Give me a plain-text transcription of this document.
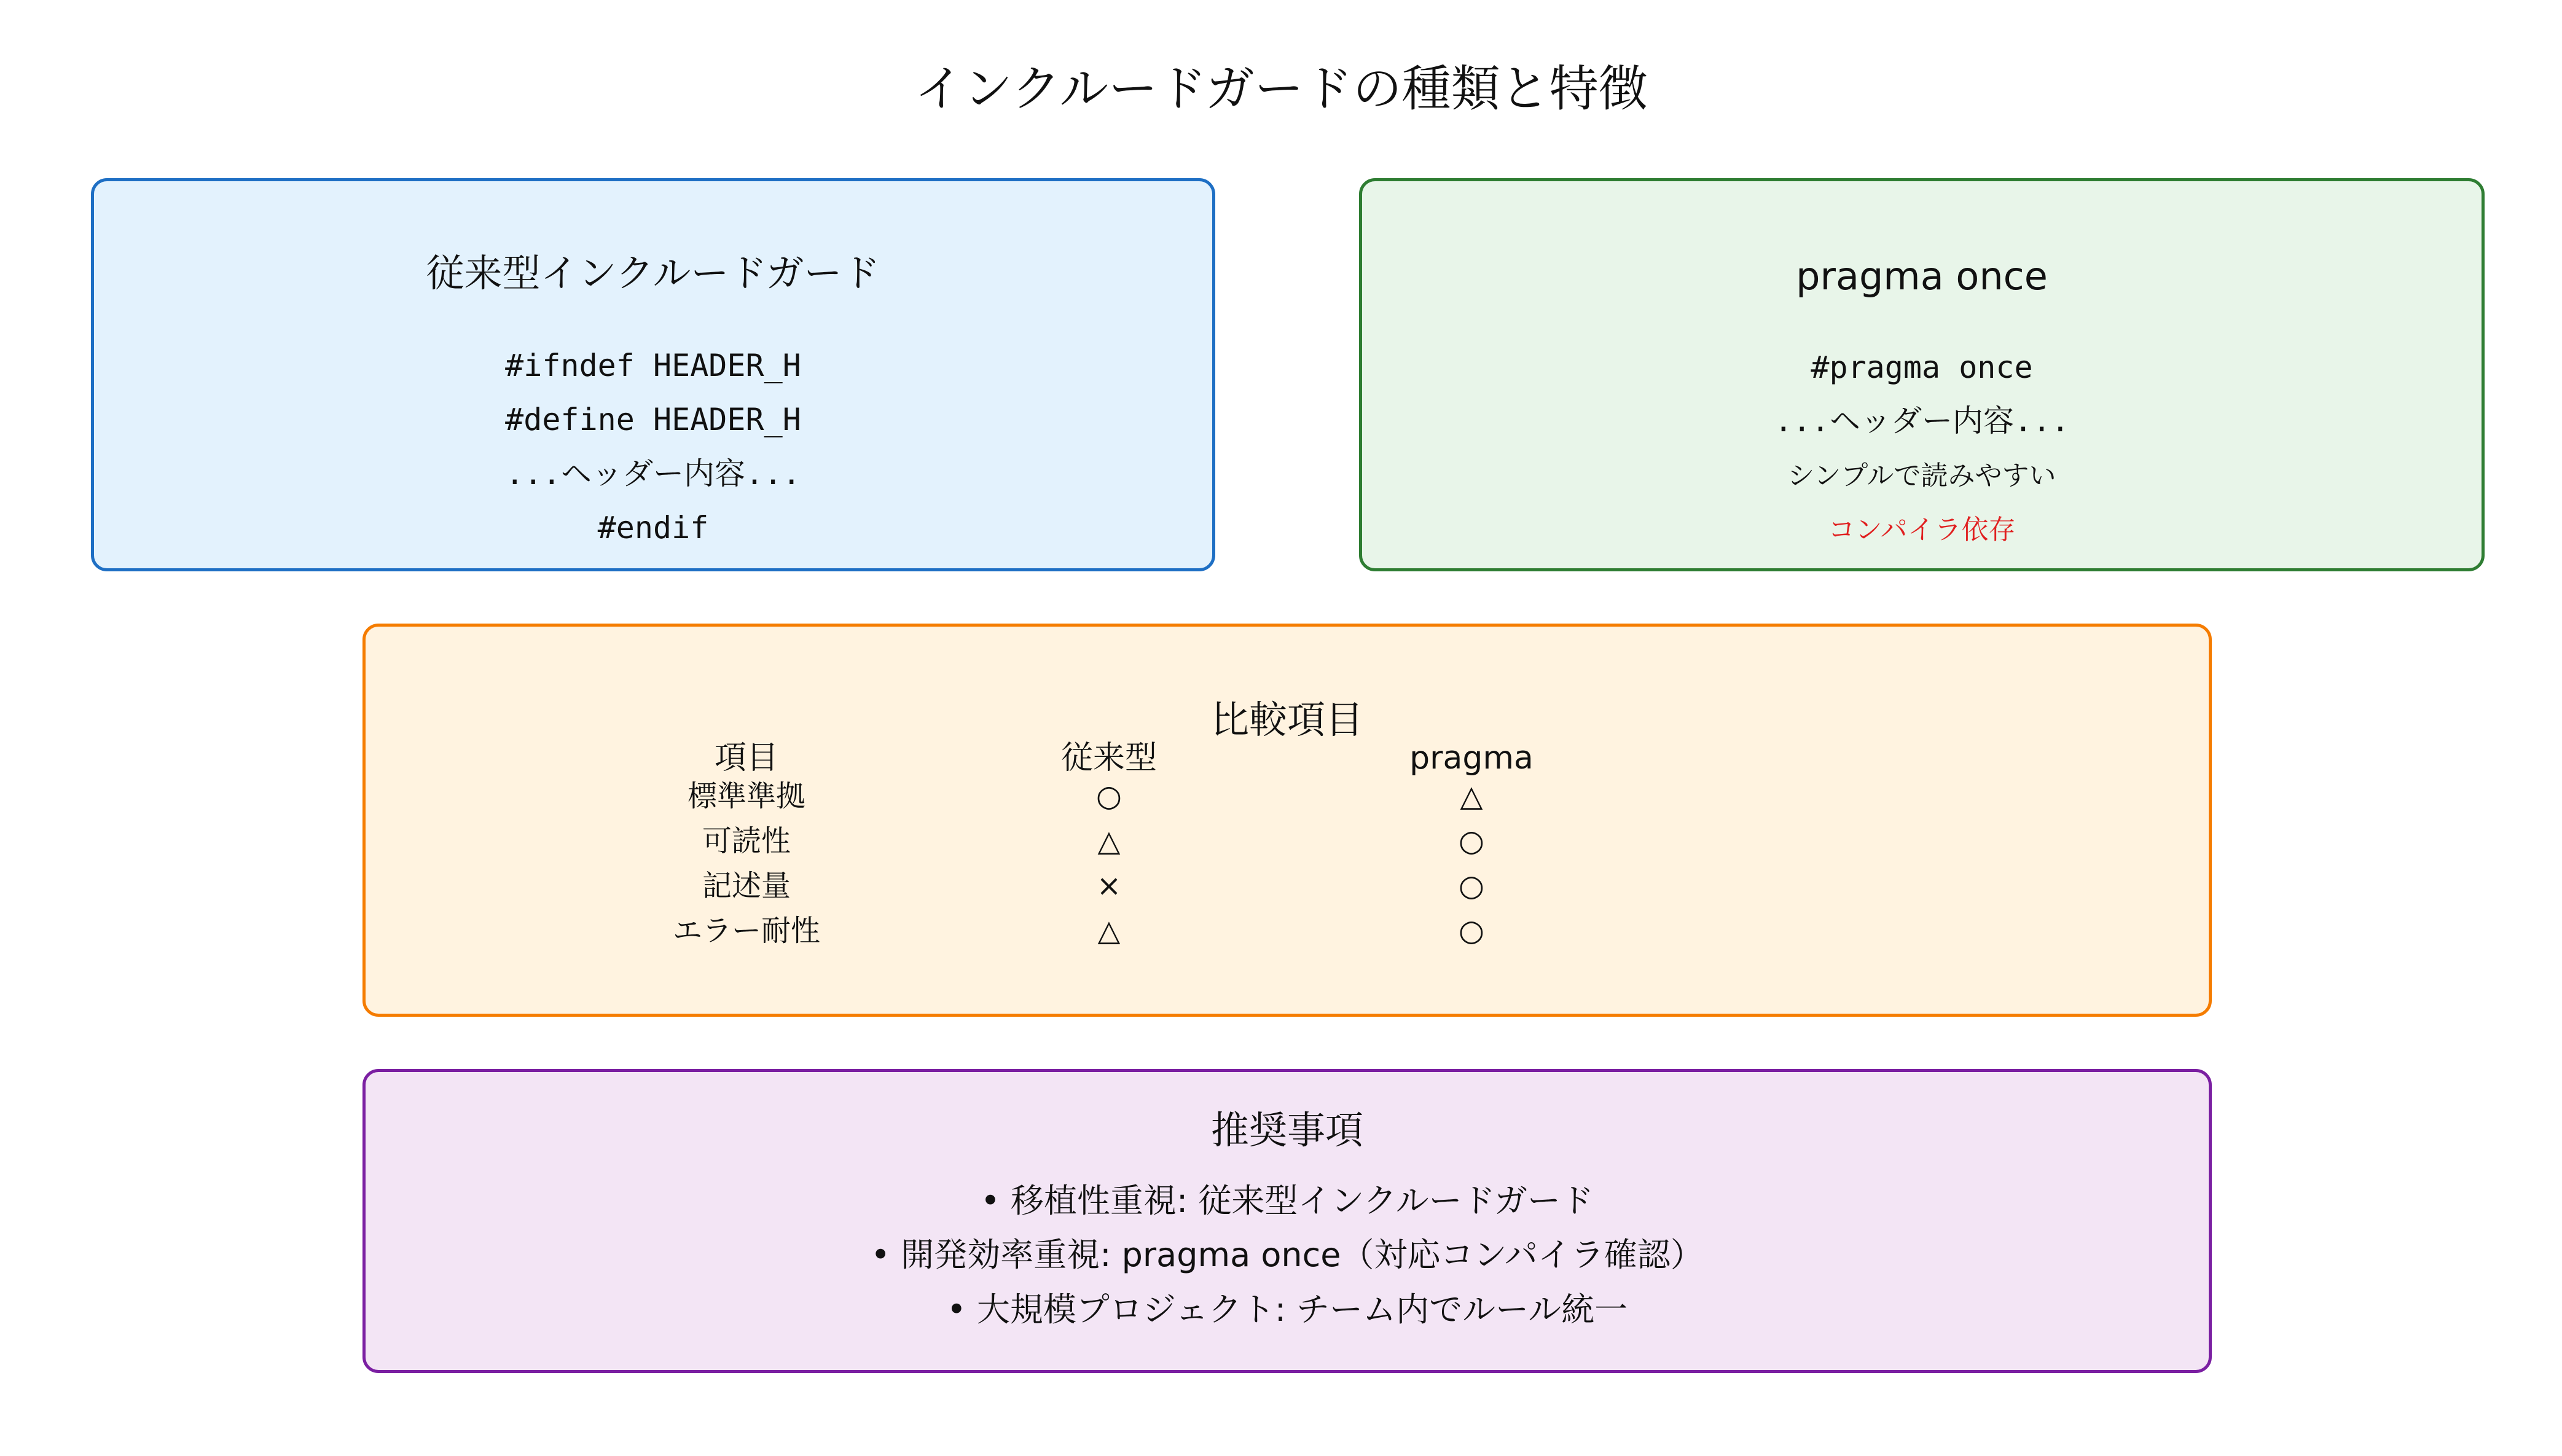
インクルードガードの種類と特徴
従来型インクルードガード
#ifndef HEADER_H
#define HEADER_H
...ヘッダー内容...
#endif
pragma once
#pragma once
...ヘッダー内容...
シンプルで読みやすい
コンパイラ依存
比較項目
項目	従来型	pragma
標準準拠	○	△
可読性	△	○
記述量	×	○
エラー耐性	△	○
推奨事項
• 移植性重視: 従来型インクルードガード
• 開発効率重視: pragma once（対応コンパイラ確認）
• 大規模プロジェクト: チーム内でルール統一
